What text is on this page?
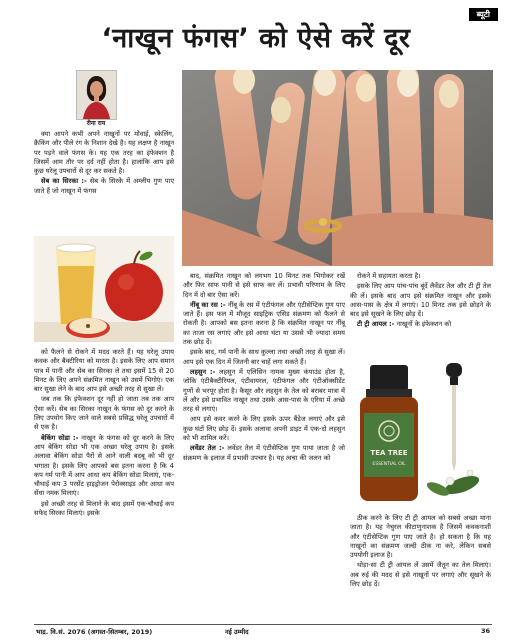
ब्यूटी
‘नाखून फंगस’ को ऐसे करें दूर
रीना राय

क्या आपने कभी अपने नाखूनों पर मोवाई, स्केलिंग, क्रैकिंग और पीले रंग के निशान देखे है। यह लक्षण है नाखून पर पड़ने वाले फंगस के। यह एक तरह का इंफेक्शन है जिसमें आम तौर पर दर्द नहीं होता है। हालांकि आप इसे कुछ घरेलू उपचारों से दूर कर सकते है।

सेब का सिरका :- सेब के सिरके में अम्लीय गुण पाए जाते हैं जो नाखून में फंगस

को फैलने से रोकने में मदद करते हैं। यह घरेलू उपाय कवक और बैक्टीरिया को मारता है। इसके लिए आप समान पात्र में पानी और सेब का सिरका ले तथा इसमें 15 से 20 मिनट के लिए अपने संक्रमित नाखून को उसमें भिगोएं। एक बार सुखा लेने के बाद आप इसे अच्छी तरह से सुखा लें।

जब तक कि इंफेक्शन दूर नहीं हो जाता तब तक आप ऐसा करें। सेब का सिरका नाखून के फंगस को दूर करने के लिए उपयोग किए जाने वाले सबसे प्रसिद्ध घरेलू उपचारों में से एक है।

बेकिंग सोडा :- नाखून के फंगस को दूर करने के लिए आप बेकिंग सोडा भी एक अच्छा घरेलू उपाय है। इसके अलावा बेकिंग सोडा पैरों से आने वाली बदबू को भी दूर भगाता है। इसके लिए आपको बस इतना करना है कि 4 कप गर्म पानी में आप आधा कप बेकिंग सोडा मिलाएं, एक-चौथाई कप 3 परसेंट हाइड्रोजन पेरोक्साइड और आधा कप सेंधा नमक मिलाएं।

इसे अच्छी तरह से मिलाने के बाद इसमें एक-चौथाई कप सफेद सिरका मिलाएं। इसके

बाद, संक्रमित नाखून को लगभग 10 मिनट तक भिगोकर रखें और फिर साफ पानी से इसे साफ कर लें। प्रभावी परिणाम के लिए दिन में दो बार ऐसा करें।

नींबू का रस :- नींबू के रस में एंटीफंगल और एंटीसेप्टिक गुण पाए जाते हैं। इस फल में मौजूद साइट्रिक एसिड संक्रमण को फैलने से रोकती है। आपको बस इतना करना है कि संक्रमित नाखून पर नींबू का ताजा रस लगाएं और इसे आधा घंटा या उससे भी ज्यादा समय तक छोड़ दें।

इसके बाद, गर्म पानी के साथ कुल्ला तथा अच्छी तरह से सुखा लें। आप इसे एक दिन में जितनी बार चाहें लगा सकते हैं।

लहसुन :- लहसुन में एलिसिन नामक मुख्य कंपाउंड होता है, जोकि एंटीबैक्टीरियल, एंटीवायरल, एंटीफंगल और एंटीऑक्सीडेंट गुणों से भरपूर होता है। कैसूर और लहसुन के तेल को बराबर मात्रा में लें और इसे प्रभावित नाखून तथा उसके आस-पास के एरिया में अच्छे तरह से लगाएं।

आप इसे कवर करने के लिए इसके ऊपर बैंडेज लगाएं और इसे कुछ घंटों लिए छोड़ दें। इसके अलावा अपनी डाइट में एक-दो लहसुन को भी शामिल करें।

लवेंडर तेल :- लवेंडर तेल में एंटीसेप्टिक गुण पाया जाता है जो संक्रमण के इलाज में प्रभावी उपचार है। यह त्वचा की जलन को

रोकने में सहायता करता है।

इसके लिए आप पांच-पांच बूंदें लैवेंडर तेल और टी ट्री तेल की लें। इसके बाद आप इसे संक्रमित नाखून और इसके आस-पास के क्षेत्र में लगाएं। 10 मिनट तक इसे छोड़ने के बाद इसे सूखने के लिए छोड़ दें।

टी ट्री आयल :- नाखूनों के इंफेक्शन को

TEA TREE
ESSENTIAL OIL

ठीक करने के लिए टी ट्री आयल को सबसे अच्छा माना जाता है। यह नेचुरल कीटाणुनाशक है जिसमें कवकनाशी और एंटीसेप्टिक गुण पाए जाते है। हो सकता है कि यह नाखूनों का संक्रमण जल्दी ठीक ना करे, लेकिन सबसे उपयोगी इलाज है।

थोड़ा-सा टी ट्री आयल लें उसमें जैतून का तेल मिलाएं। अब रुई की मदद से इसे नाखूनों पर लगाएं और सूखने के लिए छोड़ दें।

भाद्र. वि.सं. 2076 (अगस्त-सितम्बर, 2019)	नई उम्मीद	36
